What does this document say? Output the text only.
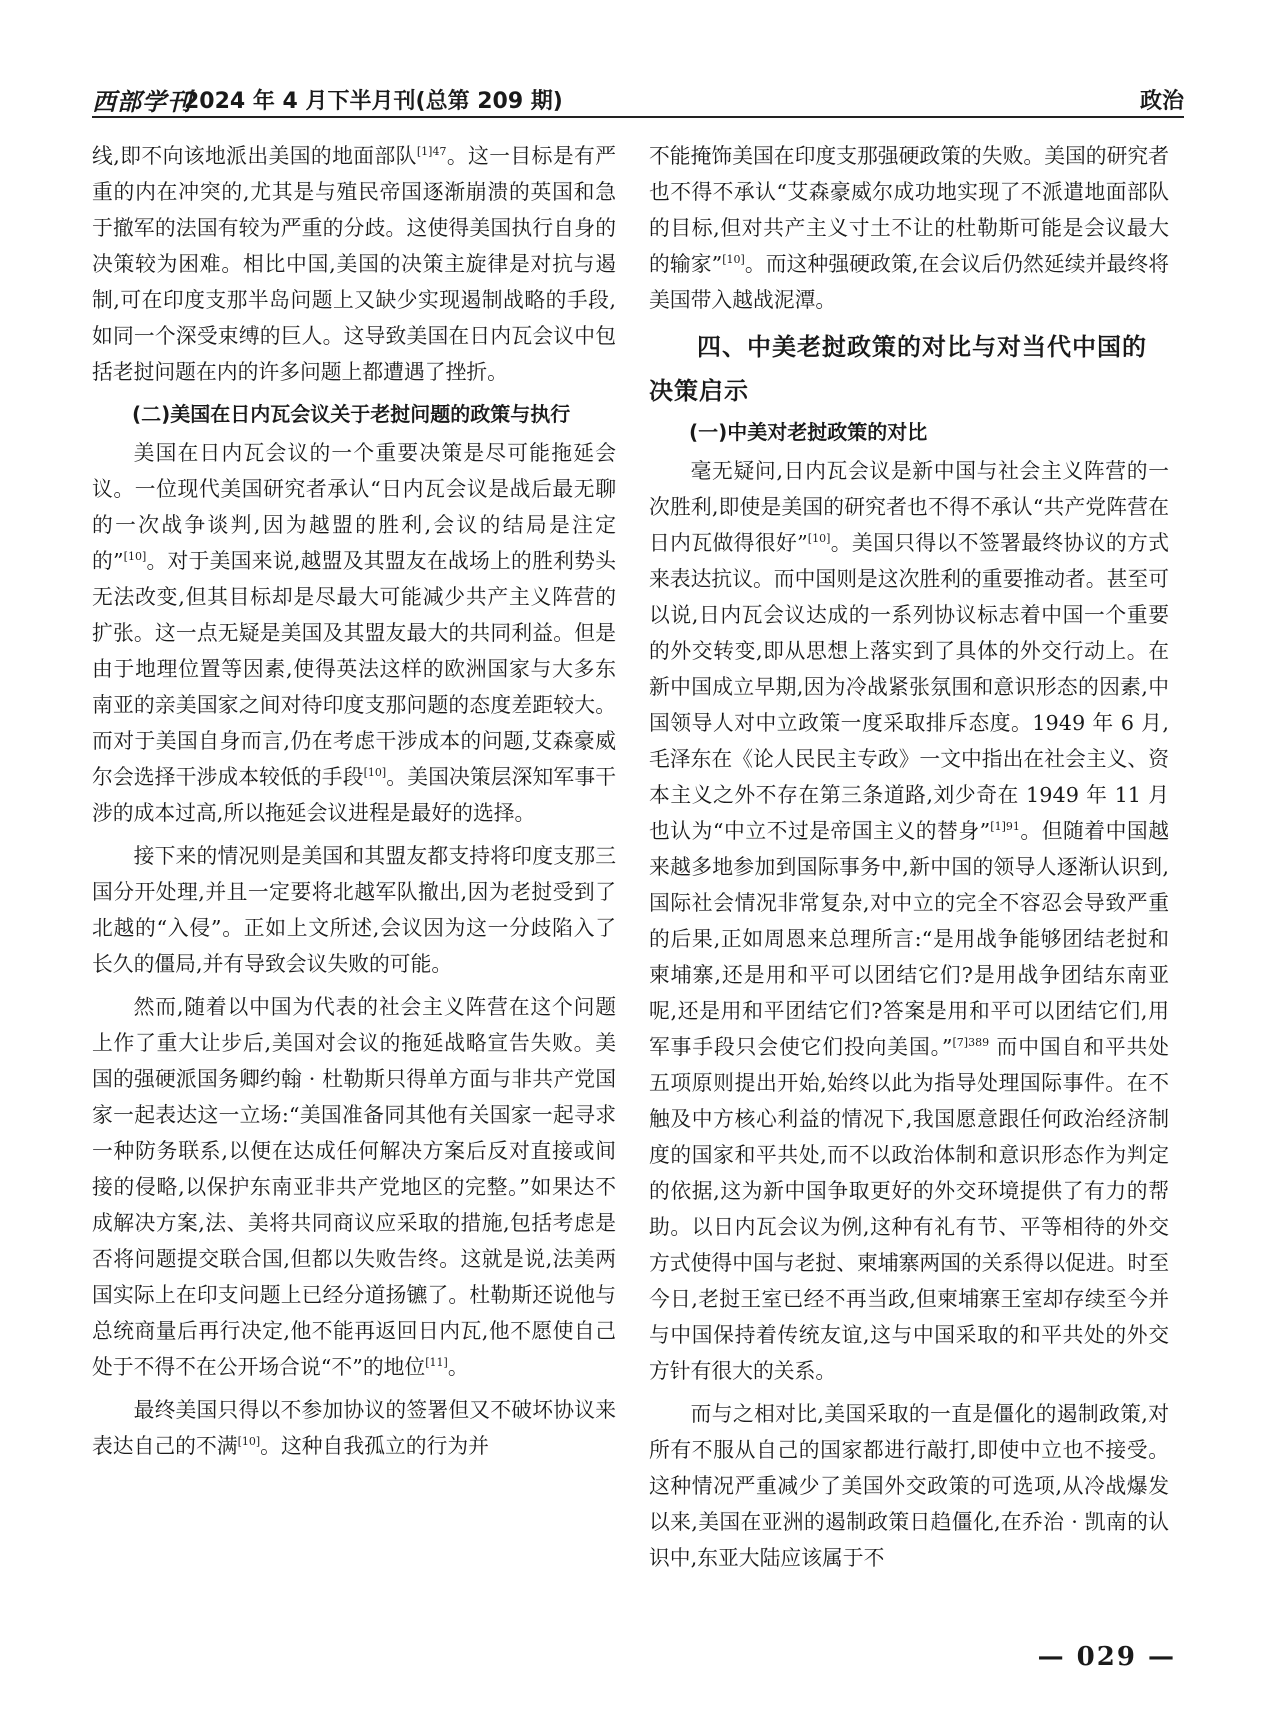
西部学刊
2024 年 4 月下半月刊(总第 209 期)	政治

线,即不向该地派出美国的地面部队$^{[1]47}$。这一目标是有严重的内在冲突的,尤其是与殖民帝国逐渐崩溃的英国和急于撤军的法国有较为严重的分歧。这使得美国执行自身的决策较为困难。相比中国,美国的决策主旋律是对抗与遏制,可在印度支那半岛问题上又缺少实现遏制战略的手段,如同一个深受束缚的巨人。这导致美国在日内瓦会议中包括老挝问题在内的许多问题上都遭遇了挫折。

(二)美国在日内瓦会议关于老挝问题的政策与执行

美国在日内瓦会议的一个重要决策是尽可能拖延会议。一位现代美国研究者承认“日内瓦会议是战后最无聊的一次战争谈判,因为越盟的胜利,会议的结局是注定的”[10]。对于美国来说,越盟及其盟友在战场上的胜利势头无法改变,但其目标却是尽最大可能减少共产主义阵营的扩张。这一点无疑是美国及其盟友最大的共同利益。但是由于地理位置等因素,使得英法这样的欧洲国家与大多东南亚的亲美国家之间对待印度支那问题的态度差距较大。而对于美国自身而言,仍在考虑干涉成本的问题,艾森豪威尔会选择干涉成本较低的手段[10]。美国决策层深知军事干涉的成本过高,所以拖延会议进程是最好的选择。

接下来的情况则是美国和其盟友都支持将印度支那三国分开处理,并且一定要将北越军队撤出,因为老挝受到了北越的“入侵”。正如上文所述,会议因为这一分歧陷入了长久的僵局,并有导致会议失败的可能。

然而,随着以中国为代表的社会主义阵营在这个问题上作了重大让步后,美国对会议的拖延战略宣告失败。美国的强硬派国务卿约翰 · 杜勒斯只得单方面与非共产党国家一起表达这一立场:“美国准备同其他有关国家一起寻求一种防务联系,以便在达成任何解决方案后反对直接或间接的侵略,以保护东南亚非共产党地区的完整。”如果达不成解决方案,法、美将共同商议应采取的措施,包括考虑是否将问题提交联合国,但都以失败告终。这就是说,法美两国实际上在印支问题上已经分道扬镳了。杜勒斯还说他与总统商量后再行决定,他不能再返回日内瓦,他不愿使自己处于不得不在公开场合说“不”的地位[11]。

最终美国只得以不参加协议的签署但又不破坏协议来表达自己的不满[10]。这种自我孤立的行为并

不能掩饰美国在印度支那强硬政策的失败。美国的研究者也不得不承认“艾森豪威尔成功地实现了不派遣地面部队的目标,但对共产主义寸土不让的杜勒斯可能是会议最大的输家”[10]。而这种强硬政策,在会议后仍然延续并最终将美国带入越战泥潭。

四、中美老挝政策的对比与对当代中国的决策启示
(一)中美对老挝政策的对比

毫无疑问,日内瓦会议是新中国与社会主义阵营的一次胜利,即使是美国的研究者也不得不承认“共产党阵营在日内瓦做得很好”[10]。美国只得以不签署最终协议的方式来表达抗议。而中国则是这次胜利的重要推动者。甚至可以说,日内瓦会议达成的一系列协议标志着中国一个重要的外交转变,即从思想上落实到了具体的外交行动上。在新中国成立早期,因为冷战紧张氛围和意识形态的因素,中国领导人对中立政策一度采取排斥态度。1949 年 6 月,毛泽东在《论人民民主专政》一文中指出在社会主义、资本主义之外不存在第三条道路,刘少奇在 1949 年 11 月也认为“中立不过是帝国主义的替身”$^{[1]91}$。但随着中国越来越多地参加到国际事务中,新中国的领导人逐渐认识到,国际社会情况非常复杂,对中立的完全不容忍会导致严重的后果,正如周恩来总理所言:“是用战争能够团结老挝和柬埔寨,还是用和平可以团结它们?是用战争团结东南亚呢,还是用和平团结它们?答案是用和平可以团结它们,用军事手段只会使它们投向美国。”$^{[7]389}$ 而中国自和平共处五项原则提出开始,始终以此为指导处理国际事件。在不触及中方核心利益的情况下,我国愿意跟任何政治经济制度的国家和平共处,而不以政治体制和意识形态作为判定的依据,这为新中国争取更好的外交环境提供了有力的帮助。以日内瓦会议为例,这种有礼有节、平等相待的外交方式使得中国与老挝、柬埔寨两国的关系得以促进。时至今日,老挝王室已经不再当政,但柬埔寨王室却存续至今并与中国保持着传统友谊,这与中国采取的和平共处的外交方针有很大的关系。

而与之相对比,美国采取的一直是僵化的遏制政策,对所有不服从自己的国家都进行敲打,即使中立也不接受。这种情况严重减少了美国外交政策的可选项,从冷战爆发以来,美国在亚洲的遏制政策日趋僵化,在乔治 · 凯南的认识中,东亚大陆应该属于不

— 029 —
